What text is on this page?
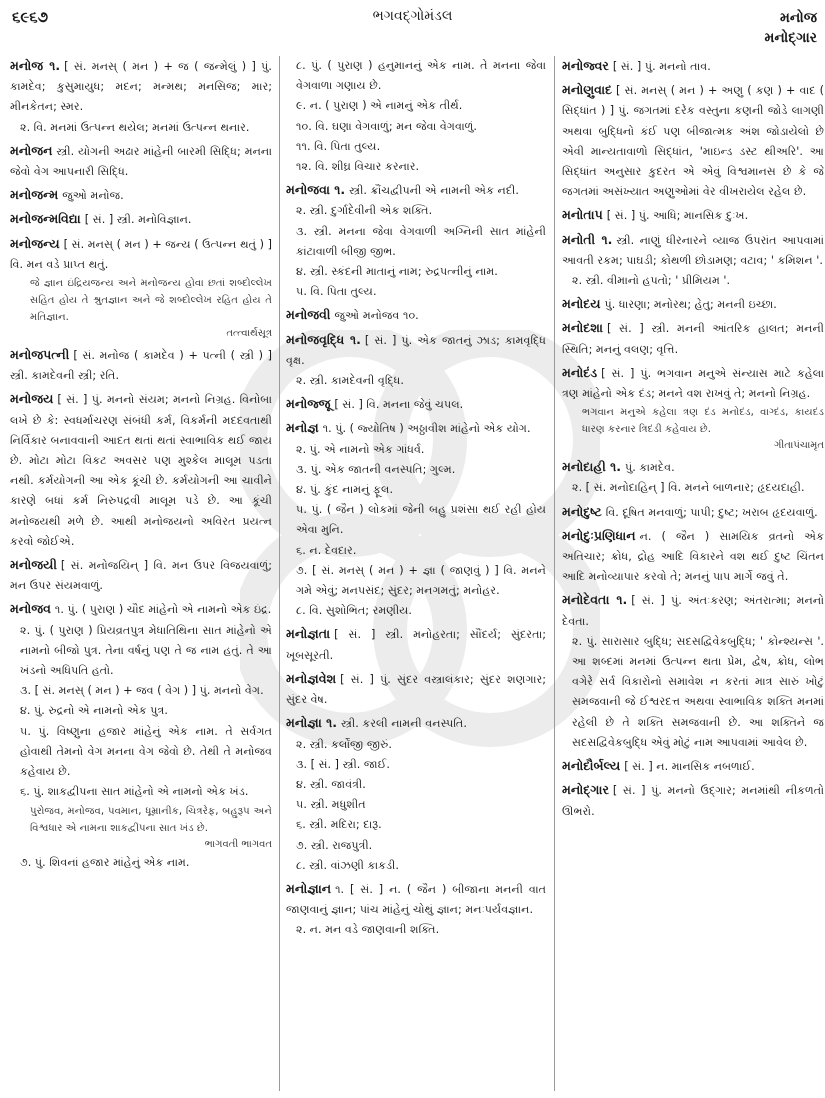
૬૯૬૭	ભગવદ્ગોમંડલ	મનોજ
મનોદ્ગાર
મનોજ ૧. [ સં. મનસ્ ( મન ) + જ ( જન્મેલું ) ] પું. કામદેવ; કુસુમાયુધ; મદન; મન્મથ; મનસિજ; માર; મીનકેતન; સ્મર.
૨. વિ. મનમાં ઉત્પન્ન થયેલ; મનમાં ઉત્પન્ન થનાર.
મનોજન સ્ત્રી. યોગની અઢાર માંહેની બારમી સિદ્ધિ; મનના જેવો વેગ આપનારી સિદ્ધિ.
મનોજન્મ જુઓ મનોજ.
મનોજન્મવિદ્યા [ સં. ] સ્ત્રી. મનોવિજ્ઞાન.
મનોજન્ય [ સં. મનસ્ ( મન ) + જન્ય ( ઉત્પન્ન થતું ) ] વિ. મન વડે પ્રાપ્ત થતું.
જે જ્ઞાન ઇંદ્રિયજન્ય અને મનોજન્ય હોવા છતાં શબ્દોલ્લેખ સહિત હોય તે શ્રુતજ્ઞાન અને જે શબ્દોલ્લેખ રહિત હોય તે મતિજ્ઞાન.
તત્ત્વાર્થસૂત્ર
મનોજપત્ની [ સં. મનોજ ( કામદેવ ) + પત્ની ( સ્ત્રી ) ] સ્ત્રી. કામદેવની સ્ત્રી; રતિ.
મનોજય [ સં. ] પું. મનનો સંયમ; મનનો નિગ્રહ. વિનોબા લખે છે કે: સ્વધર્માચરણ સંબંધી કર્મ, વિકર્મની મદદવતાથી નિર્વિકાર બનાવવાની આદત થતાં થતાં સ્વાભાવિક થઈ જાય છે. મોટા મોટા વિકટ અવસર પણ મુશ્કેલ માલૂમ પડતા નથી. કર્મયોગની આ એક કૂંચી છે. કર્મયોગની આ ચાવીને કારણે બધાં કર્મ નિરુપદ્રવી માલૂમ પડે છે. આ કૂંચી મનોજયથી મળે છે. આથી મનોજયનો અવિરત પ્રયત્ન કરવો જોઈએ.
મનોજયી [ સં. મનોજયિન્ ] વિ. મન ઉપર વિજયવાળું; મન ઉપર સંયમવાળું.
મનોજવ ૧. પું. ( પુરાણ ) ચૌદ માંહેનો એ નામનો એક ઇંદ્ર.
૨. પું. ( પુરાણ ) પ્રિયવ્રતપુત્ર મેધાતિથિના સાત માંહેનો એ નામનો બીજો પુત્ર. તેના વર્ષનું પણ તે જ નામ હતું. તે આ ખંડનો અધિપતિ હતો.
૩. [ સં. મનસ્ ( મન ) + જવ ( વેગ ) ] પું. મનનો વેગ.
૪. પું. રુદ્રનો એ નામનો એક પુત્ર.
૫. પું. વિષ્ણુના હજાર માંહેનું એક નામ. તે સર્વગત હોવાથી તેમનો વેગ મનના વેગ જેવો છે. તેથી તે મનોજવ કહેવાય છે.
૬. પું. શાકદ્વીપના સાત માંહેનો એ નામનો એક ખંડ.
પુરોજવ, મનોજવ, પવમાન, ધૂમ્રાનીક, ચિત્રરેફ, બહુરૂપ અને વિશ્વધાર એ નામના શાકદ્વીપના સાત ખંડ છે.
ભાગવતી ભાગવત
૭. પું. શિવનાં હજાર માંહેનું એક નામ.
૮. પું. ( પુરાણ ) હનુમાનનું એક નામ. તે મનના જેવા વેગવાળા ગણાય છે.
૯. ન. ( પુરાણ ) એ નામનું એક તીર્થ.
૧૦. વિ. ઘણા વેગવાળું; મન જેવા વેગવાળું.
૧૧. વિ. પિતા તુલ્ય.
૧૨. વિ. શીઘ્ર વિચાર કરનાર.
મનોજવા ૧. સ્ત્રી. ક્રૌંચદ્વીપની એ નામની એક નદી.
૨. સ્ત્રી. દુર્ગાદેવીની એક શક્તિ.
૩. સ્ત્રી. મનના જેવા વેગવાળી અગ્નિની સાત માંહેની કાંટાવાળી બીજી જીભ.
૪. સ્ત્રી. સ્કંદની માતાનું નામ; રુદ્રપત્નીનું નામ.
૫. વિ. પિતા તુલ્ય.
મનોજવી જુઓ મનોજવ ૧૦.
મનોજવૃદ્ધિ ૧. [ સં. ] પું. એક જાતનું ઝાડ; કામવૃદ્ધિ વૃક્ષ.
૨. સ્ત્રી. કામદેવની વૃદ્ધિ.
મનોજ્જૂ [ સં. ] વિ. મનના જેવું ચપલ.
મનોજ્ઞ ૧. પું. ( જ્યોતિષ ) અઠ્ઠાવીશ માંહેનો એક યોગ.
૨. પું. એ નામનો એક ગાંધર્વ.
૩. પું. એક જાતની વનસ્પતિ; ગુલ્મ.
૪. પું. કુંદ નામનું ફૂલ.
૫. પું. ( જૈન ) લોકમાં જેની બહુ પ્રશંસા થઈ રહી હોય એવા મુનિ.
૬. ન. દેવદાર.
૭. [ સં. મનસ્ ( મન ) + જ્ઞા ( જાણવું ) ] વિ. મનને ગમે એવું; મનપસંદ; સુંદર; મનગમતું; મનોહર.
૮. વિ. સુશોભિત; રમણીય.
મનોજ્ઞતા [ સં. ] સ્ત્રી. મનોહરતા; સૌંદર્ય; સુંદરતા; ખૂબસૂરતી.
મનોજ્ઞવેશ [ સં. ] પું. સુંદર વસ્ત્રાલંકાર; સુંદર શણગાર; સુંદર વેષ.
મનોજ્ઞા ૧. સ્ત્રી. કરલી નામની વનસ્પતિ.
૨. સ્ત્રી. કર્લોંજી જીરું.
૩. [ સં. ] સ્ત્રી. જાઈ.
૪. સ્ત્રી. જાવંત્રી.
૫. સ્ત્રી. મધુશીત
૬. સ્ત્રી. મદિરા; દારૂ.
૭. સ્ત્રી. રાજપુત્રી.
૮. સ્ત્રી. વાંઝણી કાકડી.
મનોજ્ઞાન ૧. [ સં. ] ન. ( જૈન ) બીજાના મનની વાત જાણવાનું જ્ઞાન; પાંચ માંહેનું ચોથું જ્ઞાન; મનઃપર્યવજ્ઞાન.
૨. ન. મન વડે જાણવાની શક્તિ.
મનોજ્વર [ સં. ] પું. મનનો તાવ.
મનોણુવાદ [ સં. મનસ્ ( મન ) + અણુ ( કણ ) + વાદ ( સિદ્ધાંત ) ] પું. જગતમાં દરેક વસ્તુના કણની જોડે લાગણી અથવા બુદ્ધિનો કંઈ પણ બીજાત્મક અંશ જોડાયેલો છે એવી માન્યતાવાળો સિદ્ધાંત, 'માઇન્ડ ડસ્ટ થીઅરિ'. આ સિદ્ધાંત અનુસાર કુદરત એ એવું વિશ્વમાનસ છે કે જે જગતમાં અસંખ્યાત અણુઓમાં વેર વીખરાયેલ રહેલ છે.
મનોતાપ [ સં. ] પું. આધિ; માનસિક દુઃખ.
મનોતી ૧. સ્ત્રી. નાણું ધીરનારને વ્યાજ ઉપરાંત આપવામાં આવતી રકમ; પાઘડી; કોથળી છોડામણ; વટાવ; ' કમિશન '.
૨. સ્ત્રી. વીમાનો હપતો; ' પ્રીમિયમ '.
મનોદય પું. ધારણા; મનોરથ; હેતુ; મનની ઇચ્છા.
મનોદશા [ સં. ] સ્ત્રી. મનની આંતરિક હાલત; મનની સ્થિતિ; મનનું વલણ; વૃત્તિ.
મનોદંડ [ સં. ] પું. ભગવાન મનુએ સંન્યાસ માટે કહેલા ત્રણ માંહેનો એક દંડ; મનને વશ રાખવું તે; મનનો નિગ્રહ.
ભગવાન મનુએ કહેલા ત્રણ દંડ મનોદંડ, વાગ્દંડ, કાયદંડ ધારણ કરનાર ત્રિદંડી કહેવાય છે.
ગીતાપંચામૃત
મનોદાહી ૧. પું. કામદેવ.
૨. [ સં. મનોદાહિન્ ] વિ. મનને બાળનાર; હૃદયદાહી.
મનોદુષ્ટ વિ. દૂષિત મનવાળું; પાપી; દુષ્ટ; ખરાબ હૃદયવાળું.
મનોદુઃપ્રણિધાન ન. ( જૈન ) સામયિક વ્રતનો એક અતિચાર; ક્રોધ, દ્રોહ આદિ વિકારને વશ થઈ દુષ્ટ ચિંતન આદિ મનોવ્યાપાર કરવો તે; મનનું પાપ માર્ગે જવું તે.
મનોદેવતા ૧. [ સં. ] પું. અંતઃકરણ; અંતરાત્મા; મનનો દેવતા.
૨. પું. સારાસાર બુદ્ધિ; સદસદ્વિવેકબુદ્ધિ; ' કોન્શ્યન્સ '. આ શબ્દમાં મનમાં ઉત્પન્ન થતા પ્રેમ, દ્વેષ, ક્રોધ, લોભ વગેરે સર્વ વિકારોનો સમાવેશ ન કરતાં માત્ર સારું ખોટું સમજવાની જે ઈશ્વરદત્ત અથવા સ્વાભાવિક શક્તિ મનમાં રહેલી છે તે શક્તિ સમજવાની છે. આ શક્તિને જ સદસદ્વિવેકબુદ્ધિ એવું મોટું નામ આપવામાં આવેલ છે.
મનોદૌર્બલ્ય [ સં. ] ન. માનસિક નબળાઈ.
મનોદ્ગાર [ સં. ] પું. મનનો ઉદ્ગાર; મનમાંથી નીકળતો ઊભરો.
